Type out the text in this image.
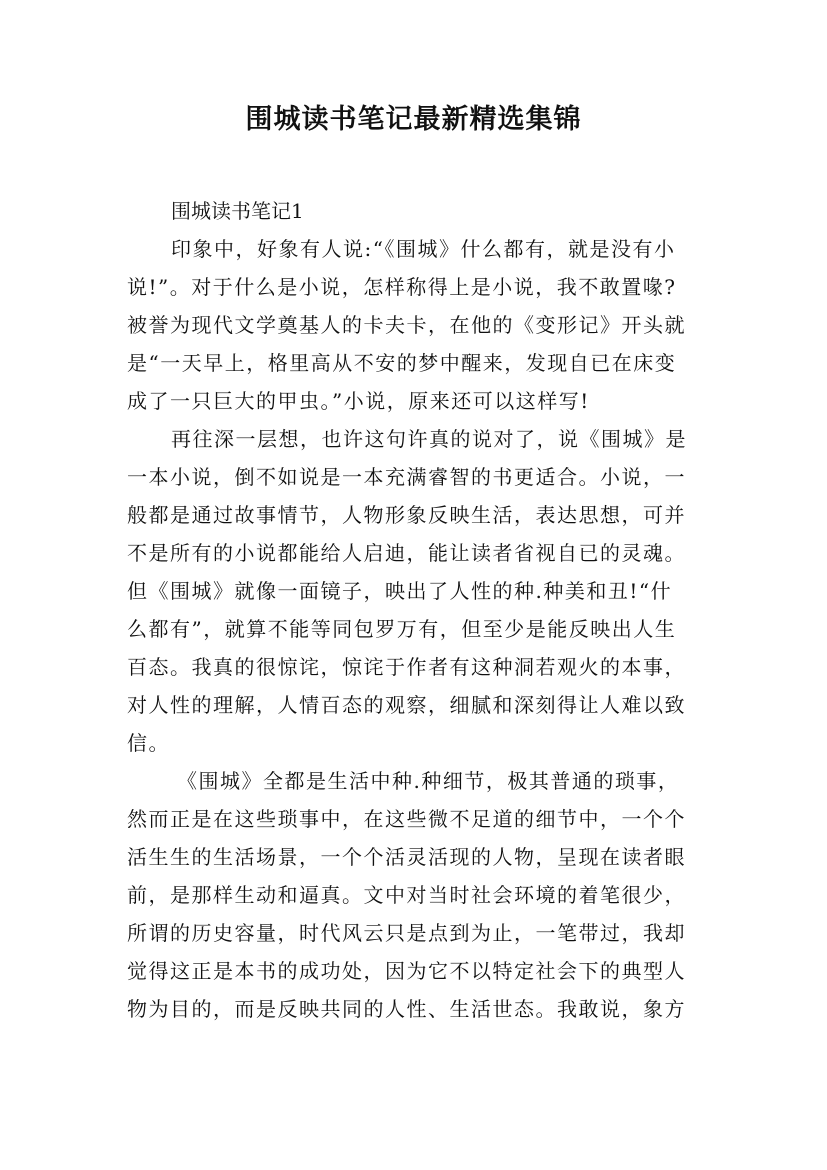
围城读书笔记最新精选集锦

围城读书笔记1

印象中，好象有人说:“《围城》什么都有，就是没有小
说!”。对于什么是小说，怎样称得上是小说，我不敢置喙?
被誉为现代文学奠基人的卡夫卡，在他的《变形记》开头就
是“一天早上，格里高从不安的梦中醒来，发现自已在床变
成了一只巨大的甲虫。”小说，原来还可以这样写!

再往深一层想，也许这句许真的说对了，说《围城》是
一本小说，倒不如说是一本充满睿智的书更适合。小说，一
般都是通过故事情节，人物形象反映生活，表达思想，可并
不是所有的小说都能给人启迪，能让读者省视自已的灵魂。
但《围城》就像一面镜子，映出了人性的种.种美和丑!“什
么都有”，就算不能等同包罗万有，但至少是能反映出人生
百态。我真的很惊诧，惊诧于作者有这种洞若观火的本事，
对人性的理解，人情百态的观察，细腻和深刻得让人难以致
信。

《围城》全都是生活中种.种细节，极其普通的琐事，
然而正是在这些琐事中，在这些微不足道的细节中，一个个
活生生的生活场景，一个个活灵活现的人物，呈现在读者眼
前，是那样生动和逼真。文中对当时社会环境的着笔很少，
所谓的历史容量，时代风云只是点到为止，一笔带过，我却
觉得这正是本书的成功处，因为它不以特定社会下的典型人
物为目的，而是反映共同的人性、生活世态。我敢说，象方
